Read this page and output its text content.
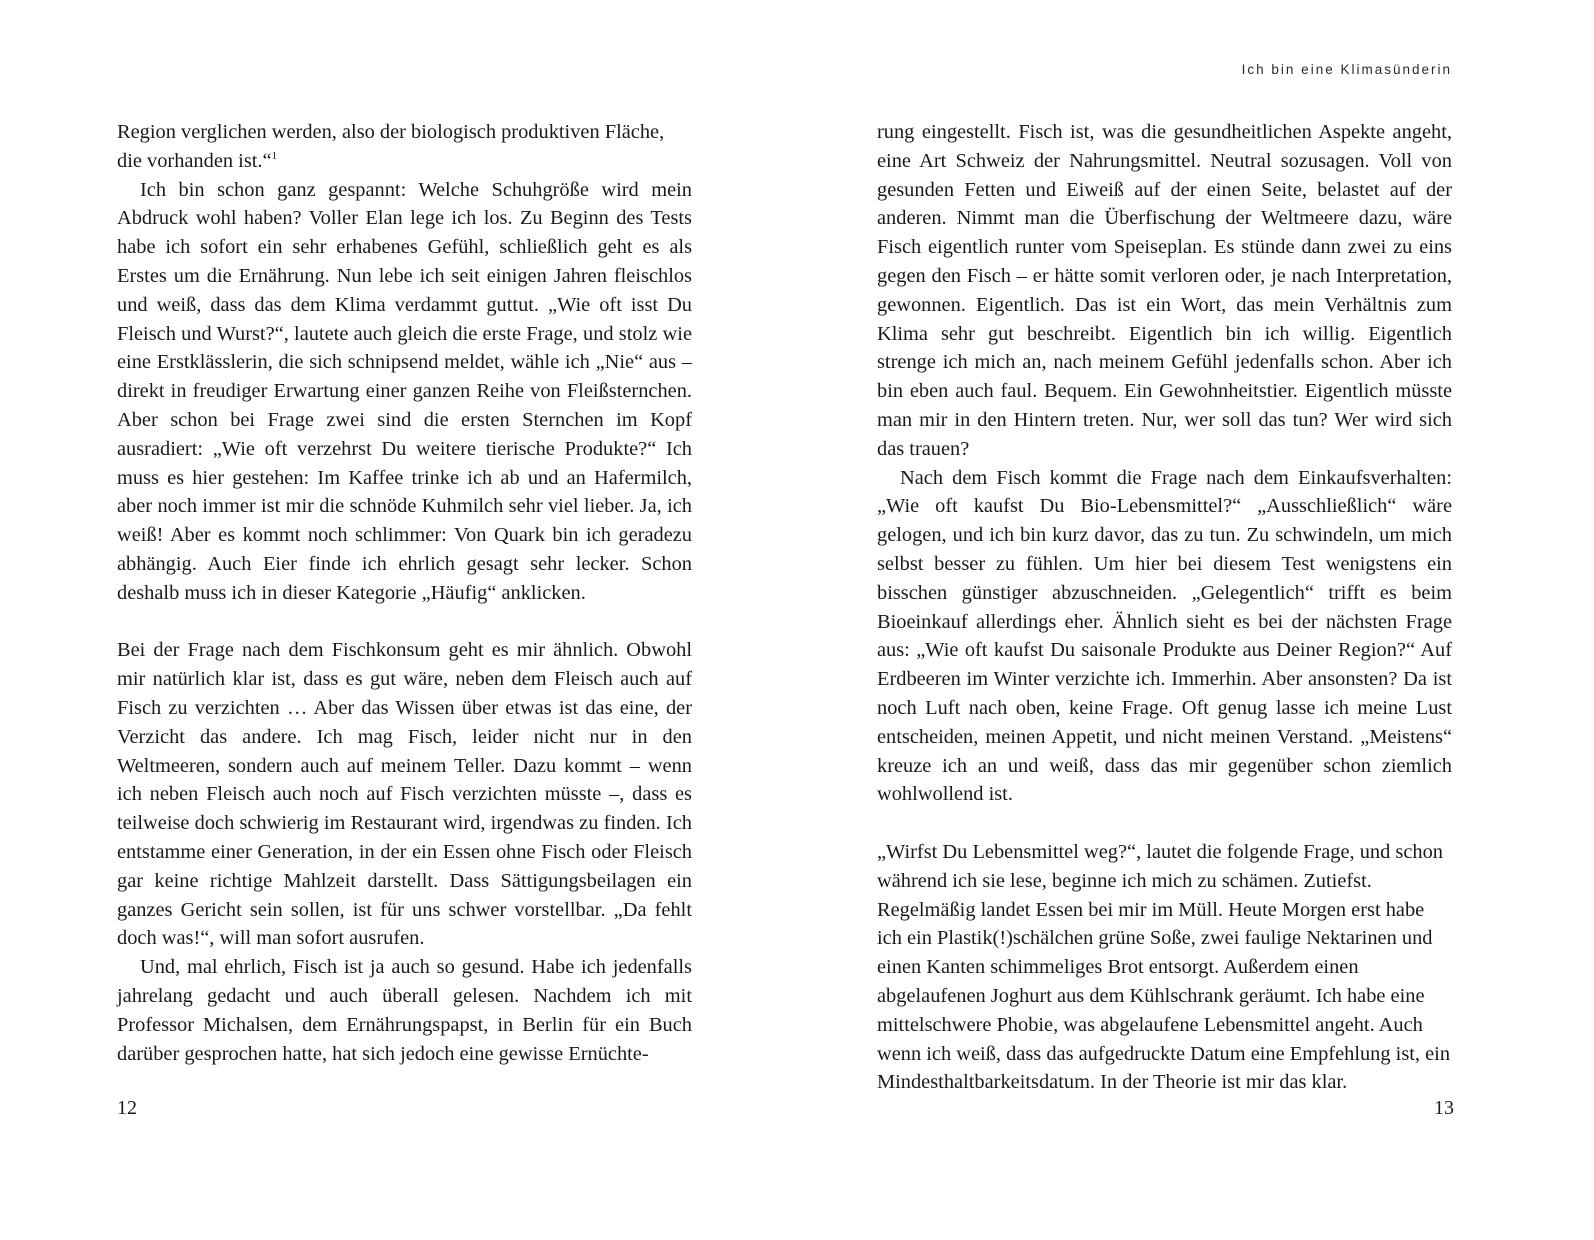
Region verglichen werden, also der biologisch produktiven Fläche, die vorhanden ist.“$^1$

Ich bin schon ganz gespannt: Welche Schuhgröße wird mein Abdruck wohl haben? Voller Elan lege ich los. Zu Beginn des Tests habe ich sofort ein sehr erhabenes Gefühl, schließlich geht es als Erstes um die Ernährung. Nun lebe ich seit einigen Jahren fleischlos und weiß, dass das dem Klima verdammt guttut. „Wie oft isst Du Fleisch und Wurst?“, lautete auch gleich die erste Frage, und stolz wie eine Erstklässlerin, die sich schnipsend meldet, wähle ich „Nie“ aus – direkt in freudiger Erwartung einer ganzen Reihe von Fleißsternchen. Aber schon bei Frage zwei sind die ersten Sternchen im Kopf ausradiert: „Wie oft verzehrst Du weitere tierische Produkte?“ Ich muss es hier gestehen: Im Kaffee trinke ich ab und an Hafermilch, aber noch immer ist mir die schnöde Kuhmilch sehr viel lieber. Ja, ich weiß! Aber es kommt noch schlimmer: Von Quark bin ich geradezu abhängig. Auch Eier finde ich ehrlich gesagt sehr lecker. Schon deshalb muss ich in dieser Kategorie „Häufig“ anklicken.

Bei der Frage nach dem Fischkonsum geht es mir ähnlich. Obwohl mir natürlich klar ist, dass es gut wäre, neben dem Fleisch auch auf Fisch zu verzichten … Aber das Wissen über etwas ist das eine, der Verzicht das andere. Ich mag Fisch, leider nicht nur in den Weltmeeren, sondern auch auf meinem Teller. Dazu kommt – wenn ich neben Fleisch auch noch auf Fisch verzichten müsste –, dass es teilweise doch schwierig im Restaurant wird, irgendwas zu finden. Ich entstamme einer Generation, in der ein Essen ohne Fisch oder Fleisch gar keine richtige Mahlzeit darstellt. Dass Sättigungsbeilagen ein ganzes Gericht sein sollen, ist für uns schwer vorstellbar. „Da fehlt doch was!“, will man sofort ausrufen.

Und, mal ehrlich, Fisch ist ja auch so gesund. Habe ich jedenfalls jahrelang gedacht und auch überall gelesen. Nachdem ich mit Professor Michalsen, dem Ernährungspapst, in Berlin für ein Buch darüber gesprochen hatte, hat sich jedoch eine gewisse Ernüchte-

12
Ich bin eine Klimasünderin

rung eingestellt. Fisch ist, was die gesundheitlichen Aspekte angeht, eine Art Schweiz der Nahrungsmittel. Neutral sozusagen. Voll von gesunden Fetten und Eiweiß auf der einen Seite, belastet auf der anderen. Nimmt man die Überfischung der Weltmeere dazu, wäre Fisch eigentlich runter vom Speiseplan. Es stünde dann zwei zu eins gegen den Fisch – er hätte somit verloren oder, je nach Interpretation, gewonnen. Eigentlich. Das ist ein Wort, das mein Verhältnis zum Klima sehr gut beschreibt. Eigentlich bin ich willig. Eigentlich strenge ich mich an, nach meinem Gefühl jedenfalls schon. Aber ich bin eben auch faul. Bequem. Ein Gewohnheitstier. Eigentlich müsste man mir in den Hintern treten. Nur, wer soll das tun? Wer wird sich das trauen?

Nach dem Fisch kommt die Frage nach dem Einkaufsverhalten: „Wie oft kaufst Du Bio-Lebensmittel?“ „Ausschließlich“ wäre gelogen, und ich bin kurz davor, das zu tun. Zu schwindeln, um mich selbst besser zu fühlen. Um hier bei diesem Test wenigstens ein bisschen günstiger abzuschneiden. „Gelegentlich“ trifft es beim Bioeinkauf allerdings eher. Ähnlich sieht es bei der nächsten Frage aus: „Wie oft kaufst Du saisonale Produkte aus Deiner Region?“ Auf Erdbeeren im Winter verzichte ich. Immerhin. Aber ansonsten? Da ist noch Luft nach oben, keine Frage. Oft genug lasse ich meine Lust entscheiden, meinen Appetit, und nicht meinen Verstand. „Meistens“ kreuze ich an und weiß, dass das mir gegenüber schon ziemlich wohlwollend ist.

„Wirfst Du Lebensmittel weg?“, lautet die folgende Frage, und schon während ich sie lese, beginne ich mich zu schämen. Zutiefst. Regelmäßig landet Essen bei mir im Müll. Heute Morgen erst habe ich ein Plastik(!)schälchen grüne Soße, zwei faulige Nektarinen und einen Kanten schimmeliges Brot entsorgt. Außerdem einen abgelaufenen Joghurt aus dem Kühlschrank geräumt. Ich habe eine mittelschwere Phobie, was abgelaufene Lebensmittel angeht. Auch wenn ich weiß, dass das aufgedruckte Datum eine Empfehlung ist, ein Mindesthaltbarkeitsdatum. In der Theorie ist mir das klar.

13
